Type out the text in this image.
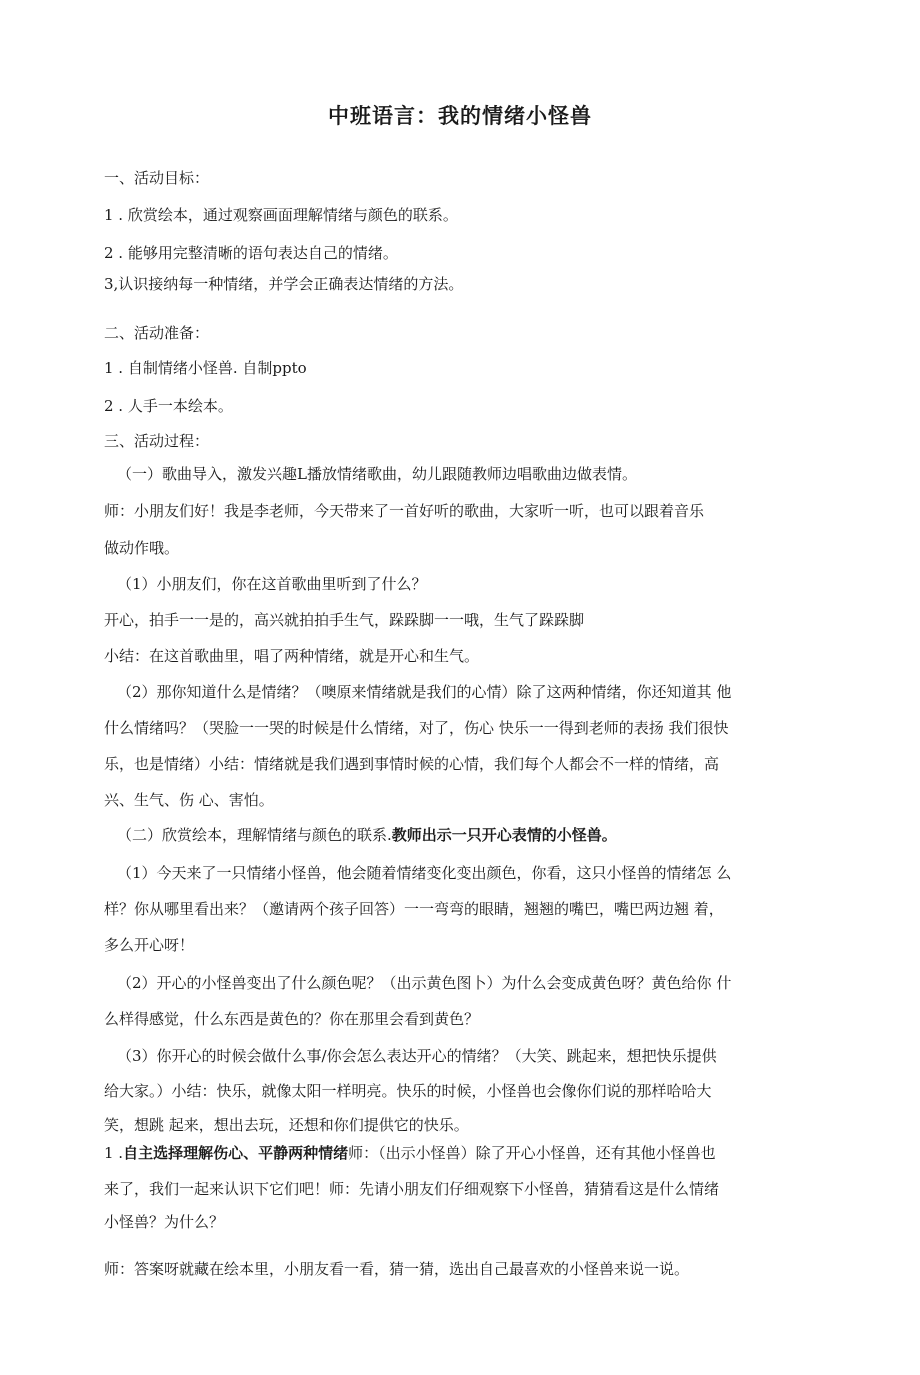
中班语言：我的情绪小怪兽
一、活动目标：
1 . 欣赏绘本，通过观察画面理解情绪与颜色的联系。
2 . 能够用完整清晰的语句表达自己的情绪。
3,认识接纳每一种情绪，并学会正确表达情绪的方法。
二、活动准备：
1 . 自制情绪小怪兽. 自制ppto
2 . 人手一本绘本。
三、活动过程：
（一）歌曲导入，激发兴趣L播放情绪歌曲，幼儿跟随教师边唱歌曲边做表情。
师：小朋友们好！我是李老师，今天带来了一首好听的歌曲，大家听一听，也可以跟着音乐
做动作哦。
（1）小朋友们，你在这首歌曲里听到了什么？
开心，拍手一一是的，高兴就拍拍手生气，跺跺脚一一哦，生气了跺跺脚
小结：在这首歌曲里，唱了两种情绪，就是开心和生气。
（2）那你知道什么是情绪？（噢原来情绪就是我们的心情）除了这两种情绪，你还知道其 他
什么情绪吗？（哭脸一一哭的时候是什么情绪，对了，伤心 快乐一一得到老师的表扬 我们很快
乐，也是情绪）小结：情绪就是我们遇到事情时候的心情，我们每个人都会不一样的情绪，高
兴、生气、伤 心、害怕。
（二）欣赏绘本，理解情绪与颜色的联系.教师出示一只开心表情的小怪兽。
（1）今天来了一只情绪小怪兽，他会随着情绪变化变出颜色，你看，这只小怪兽的情绪怎 么
样？你从哪里看出来？（邀请两个孩子回答）一一弯弯的眼睛，翘翘的嘴巴，嘴巴两边翘 着，
多么开心呀！
（2）开心的小怪兽变出了什么颜色呢？（出示黄色图卜）为什么会变成黄色呀？黄色给你 什
么样得感觉，什么东西是黄色的？你在那里会看到黄色？
（3）你开心的时候会做什么事/你会怎么表达开心的情绪？（大笑、跳起来，想把快乐提供
给大家。）小结：快乐，就像太阳一样明亮。快乐的时候，小怪兽也会像你们说的那样哈哈大
笑，想跳 起来，想出去玩，还想和你们提供它的快乐。
1 .自主选择理解伤心、平静两种情绪师：（出示小怪兽）除了开心小怪兽，还有其他小怪兽也
来了，我们一起来认识下它们吧！师：先请小朋友们仔细观察下小怪兽，猜猜看这是什么情绪
小怪兽？为什么？
师：答案呀就藏在绘本里，小朋友看一看，猜一猜，选出自己最喜欢的小怪兽来说一说。
